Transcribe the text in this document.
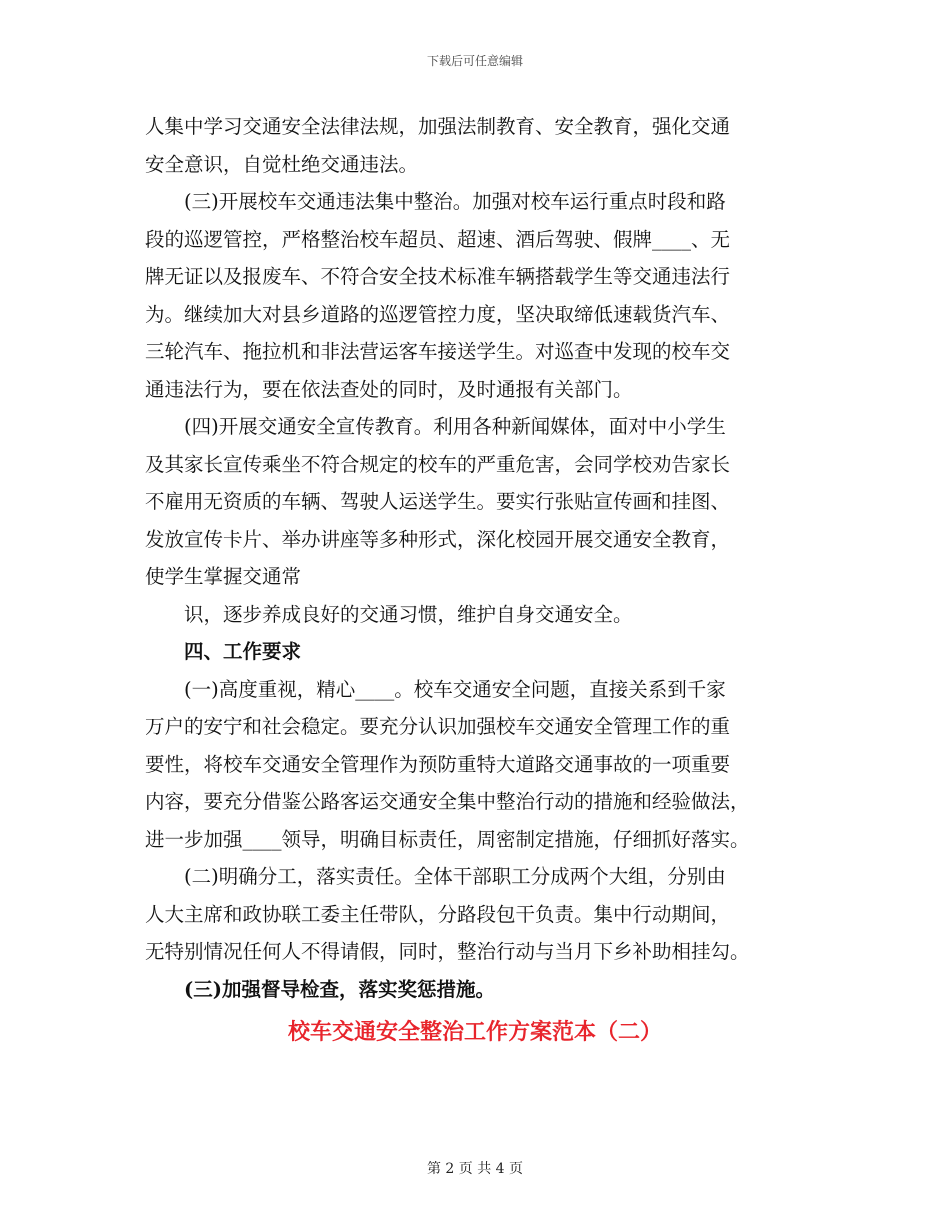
下载后可任意编辑

人集中学习交通安全法律法规，加强法制教育、安全教育，强化交通

安全意识，自觉杜绝交通违法。

(三)开展校车交通违法集中整治。加强对校车运行重点时段和路

段的巡逻管控，严格整治校车超员、超速、酒后驾驶、假牌____、无

牌无证以及报废车、不符合安全技术标准车辆搭载学生等交通违法行

为。继续加大对县乡道路的巡逻管控力度，坚决取缔低速载货汽车、

三轮汽车、拖拉机和非法营运客车接送学生。对巡查中发现的校车交

通违法行为，要在依法查处的同时，及时通报有关部门。

(四)开展交通安全宣传教育。利用各种新闻媒体，面对中小学生

及其家长宣传乘坐不符合规定的校车的严重危害，会同学校劝告家长

不雇用无资质的车辆、驾驶人运送学生。要实行张贴宣传画和挂图、

发放宣传卡片、举办讲座等多种形式，深化校园开展交通安全教育，

使学生掌握交通常

识，逐步养成良好的交通习惯，维护自身交通安全。

四、工作要求

(一)高度重视，精心____。校车交通安全问题，直接关系到千家

万户的安宁和社会稳定。要充分认识加强校车交通安全管理工作的重

要性，将校车交通安全管理作为预防重特大道路交通事故的一项重要

内容，要充分借鉴公路客运交通安全集中整治行动的措施和经验做法，

进一步加强____领导，明确目标责任，周密制定措施，仔细抓好落实。

(二)明确分工，落实责任。全体干部职工分成两个大组，分别由

人大主席和政协联工委主任带队，分路段包干负责。集中行动期间，

无特别情况任何人不得请假，同时，整治行动与当月下乡补助相挂勾。

(三)加强督导检查，落实奖惩措施。

校车交通安全整治工作方案范本（二）
第 2 页 共 4 页
